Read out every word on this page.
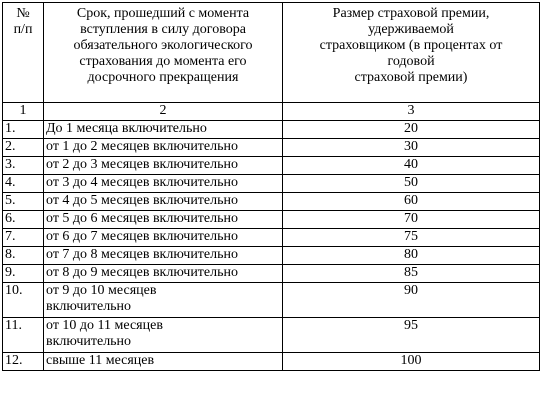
№
п/п	Срок, прошедший с момента
вступления в силу договора
обязательного экологического
страхования до момента его
досрочного прекращения	Размер страховой премии,
удерживаемой
страховщиком (в процентах от
годовой
страховой премии)

1	2	3
1.	До 1 месяца включительно	20
2.	от 1 до 2 месяцев включительно	30
3.	от 2 до 3 месяцев включительно	40
4.	от 3 до 4 месяцев включительно	50
5.	от 4 до 5 месяцев включительно	60
6.	от 5 до 6 месяцев включительно	70
7.	от 6 до 7 месяцев включительно	75
8.	от 7 до 8 месяцев включительно	80
9.	от 8 до 9 месяцев включительно	85
10.	от 9 до 10 месяцев
включительно	90
11.	от 10 до 11 месяцев
включительно	95
12.	свыше 11 месяцев	100
